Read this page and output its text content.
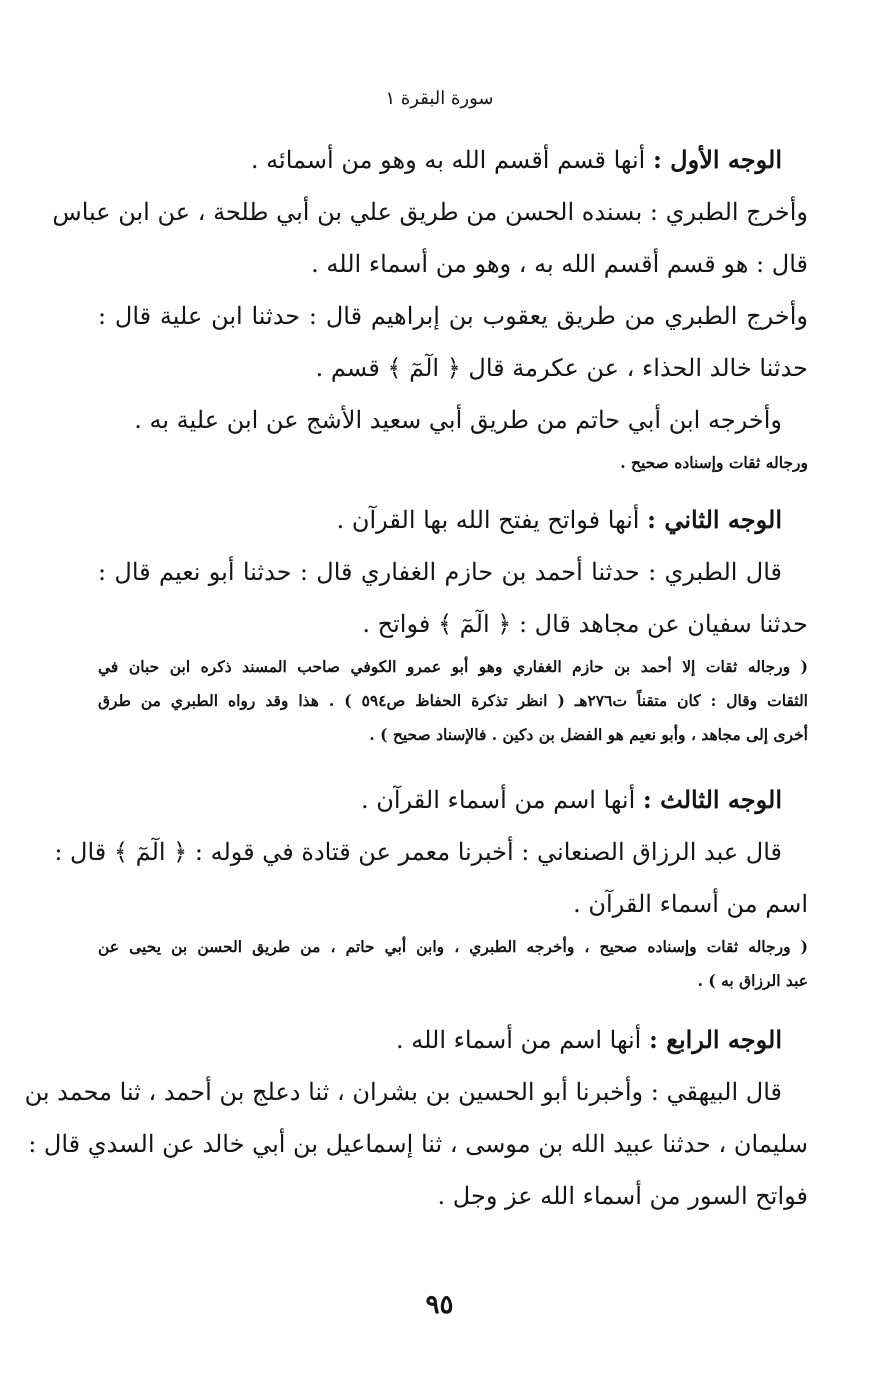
سورة البقرة ١
الوجه الأول : أنها قسم أقسم الله به وهو من أسمائه .
وأخرج الطبري : بسنده الحسن من طريق علي بن أبي طلحة ، عن ابن عباس
قال : هو قسم أقسم الله به ، وهو من أسماء الله .
وأخرج الطبري من طريق يعقوب بن إبراهيم قال : حدثنا ابن علية قال :
حدثنا خالد الحذاء ، عن عكرمة قال ﴿ الٓمٓ ﴾ قسم .
وأخرجه ابن أبي حاتم من طريق أبي سعيد الأشج عن ابن علية به .
ورجاله ثقات وإسناده صحيح .
الوجه الثاني : أنها فواتح يفتح الله بها القرآن .
قال الطبري : حدثنا أحمد بن حازم الغفاري قال : حدثنا أبو نعيم قال :
حدثنا سفيان عن مجاهد قال : ﴿ الٓمٓ ﴾ فواتح .
( ورجاله ثقات إلا أحمد بن حازم الغفاري وهو أبو عمرو الكوفي صاحب المسند ذكره ابن حبان في
الثقات وقال : كان متقناً ت٢٧٦هـ ( انظر تذكرة الحفاظ ص٥٩٤ ) . هذا وقد رواه الطبري من طرق
أخرى إلى مجاهد ، وأبو نعيم هو الفضل بن دكين . فالإسناد صحيح ) .
الوجه الثالث : أنها اسم من أسماء القرآن .
قال عبد الرزاق الصنعاني : أخبرنا معمر عن قتادة في قوله : ﴿ الٓمٓ ﴾ قال :
اسم من أسماء القرآن .
( ورجاله ثقات وإسناده صحيح ، وأخرجه الطبري ، وابن أبي حاتم ، من طريق الحسن بن يحيى عن
عبد الرزاق به ) .
الوجه الرابع : أنها اسم من أسماء الله .
قال البيهقي : وأخبرنا أبو الحسين بن بشران ، ثنا دعلج بن أحمد ، ثنا محمد بن
سليمان ، حدثنا عبيد الله بن موسى ، ثنا إسماعيل بن أبي خالد عن السدي قال :
فواتح السور من أسماء الله عز وجل .
٩٥
